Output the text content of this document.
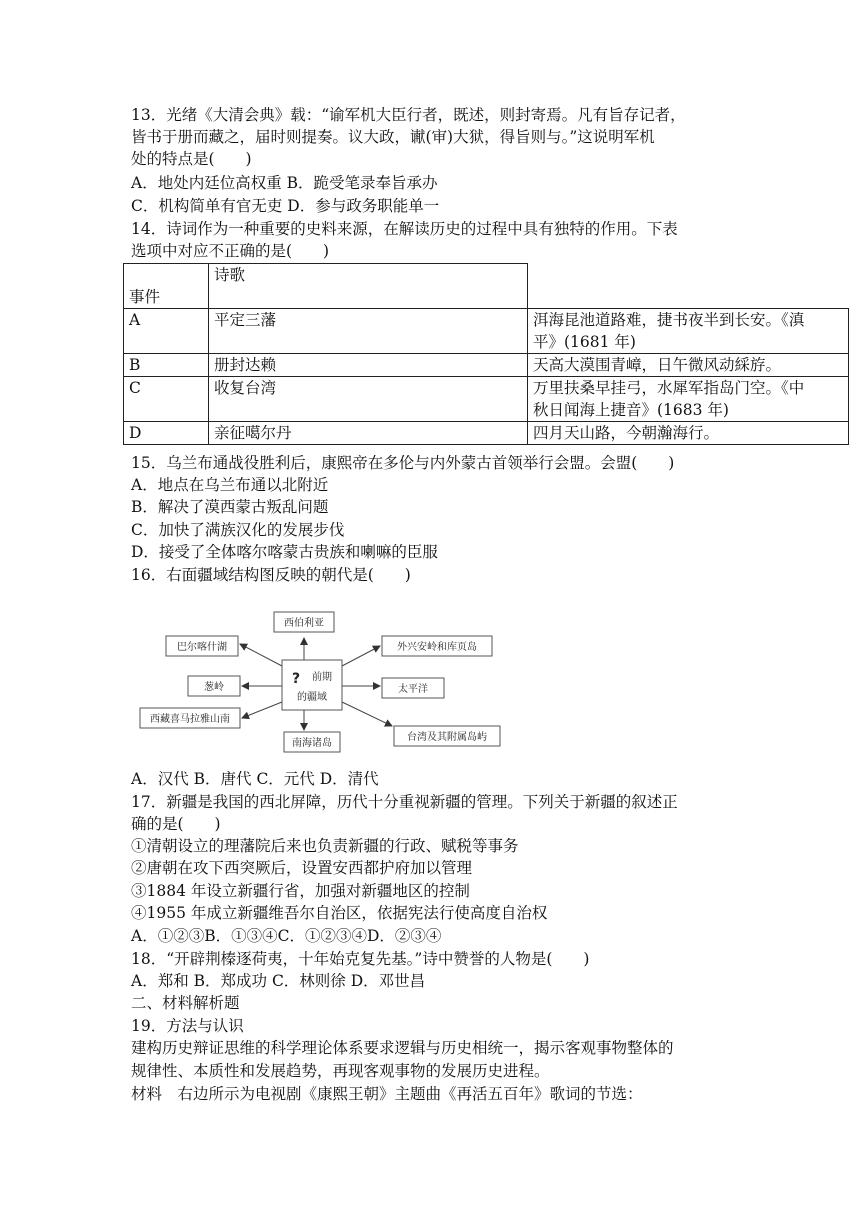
13．光绪《大清会典》载：“谕军机大臣行者，既述，则封寄焉。凡有旨存记者，
皆书于册而藏之，届时则提奏。议大政，谳(审)大狱，得旨则与。”这说明军机
处的特点是(　　)
A．地处内廷位高权重 B．跪受笔录奉旨承办
C．机构简单有官无吏 D．参与政务职能单一
14．诗词作为一种重要的史料来源，在解读历史的过程中具有独特的作用。下表
选项中对应不正确的是(　　)
事件	诗歌	
A	平定三藩	洱海昆池道路难，捷书夜半到长安。《滇
平》(1681 年)
B	册封达赖	天高大漠围青嶂，日午微风动綵斿。
C	收复台湾	万里扶桑早挂弓，水犀军指岛门空。《中
秋日闻海上捷音》(1683 年)
D	亲征噶尔丹	四月天山路，今朝瀚海行。
15．乌兰布通战役胜利后，康熙帝在多伦与内外蒙古首领举行会盟。会盟(　　)
A．地点在乌兰布通以北附近
B．解决了漠西蒙古叛乱问题
C．加快了满族汉化的发展步伐
D．接受了全体喀尔喀蒙古贵族和喇嘛的臣服
16．右面疆域结构图反映的朝代是(　　)
? 前期
的疆域
西伯利亚
巴尔喀什湖
葱岭
西藏喜马拉雅山南
南海诸岛
外兴安岭和库页岛
太平洋
台湾及其附属岛屿
A．汉代 B．唐代 C．元代 D．清代
17．新疆是我国的西北屏障，历代十分重视新疆的管理。下列关于新疆的叙述正
确的是(　　)
①清朝设立的理藩院后来也负责新疆的行政、赋税等事务
②唐朝在攻下西突厥后，设置安西都护府加以管理
③1884 年设立新疆行省，加强对新疆地区的控制
④1955 年成立新疆维吾尔自治区，依据宪法行使高度自治权
A．①②③B．①③④C．①②③④D．②③④
18．“开辟荆榛逐荷夷，十年始克复先基。”诗中赞誉的人物是(　　)
A．郑和 B．郑成功 C．林则徐 D．邓世昌
二、材料解析题
19．方法与认识
建构历史辩证思维的科学理论体系要求逻辑与历史相统一，揭示客观事物整体的
规律性、本质性和发展趋势，再现客观事物的发展历史进程。
材料　右边所示为电视剧《康熙王朝》主题曲《再活五百年》歌词的节选：
